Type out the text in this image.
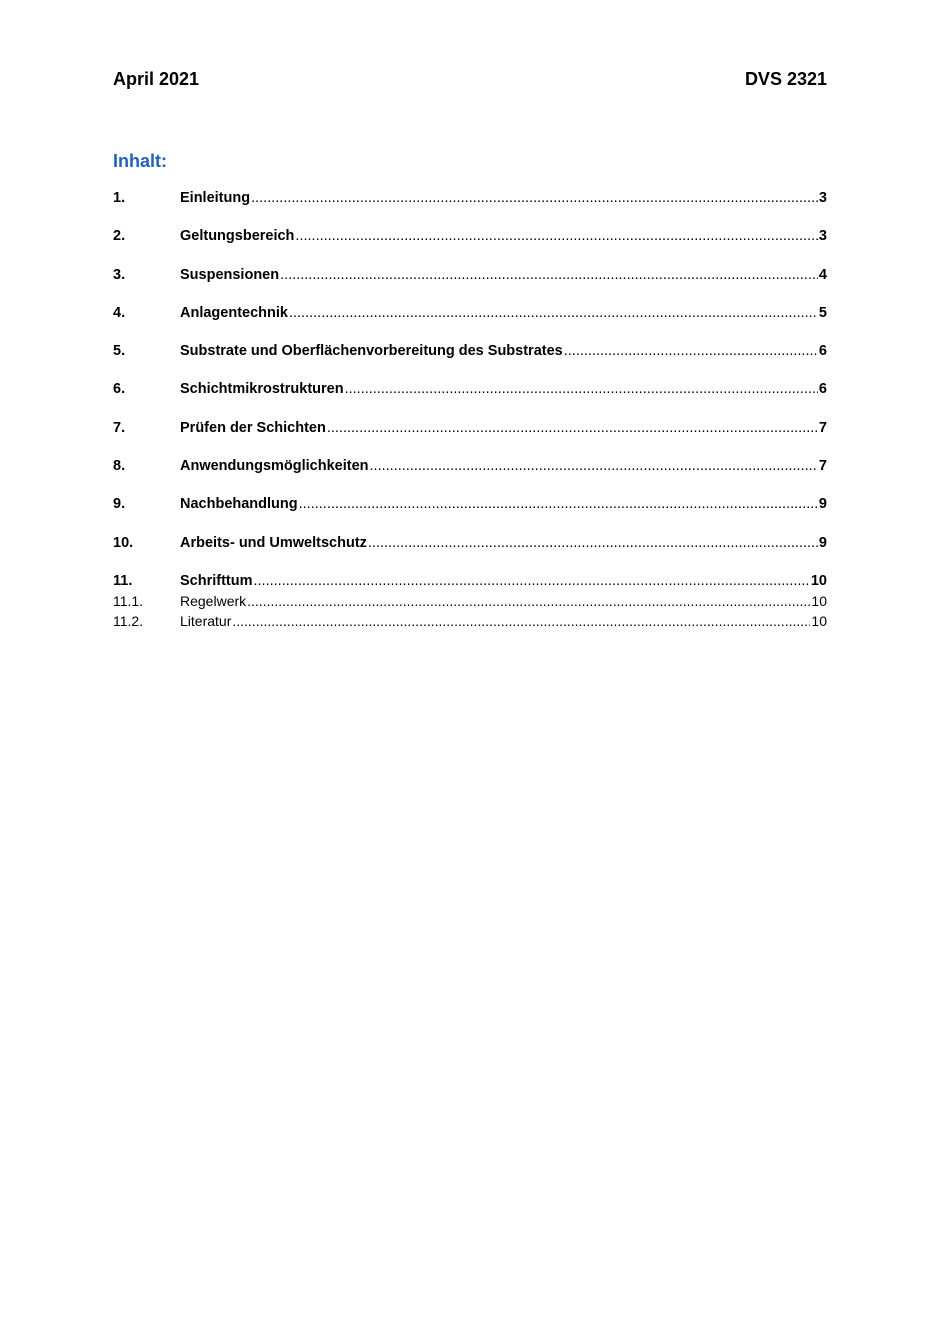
April 2021	DVS 2321
Inhalt:
1.	Einleitung .....	3
2.	Geltungsbereich .....	3
3.	Suspensionen .....	4
4.	Anlagentechnik .....	5
5.	Substrate und Oberflächenvorbereitung des Substrates .....	6
6.	Schichtmikrostrukturen .....	6
7.	Prüfen der Schichten .....	7
8.	Anwendungsmöglichkeiten .....	7
9.	Nachbehandlung .....	9
10.	Arbeits- und Umweltschutz .....	9
11.	Schrifttum .....	10
11.1.	Regelwerk .....	10
11.2.	Literatur .....	10
